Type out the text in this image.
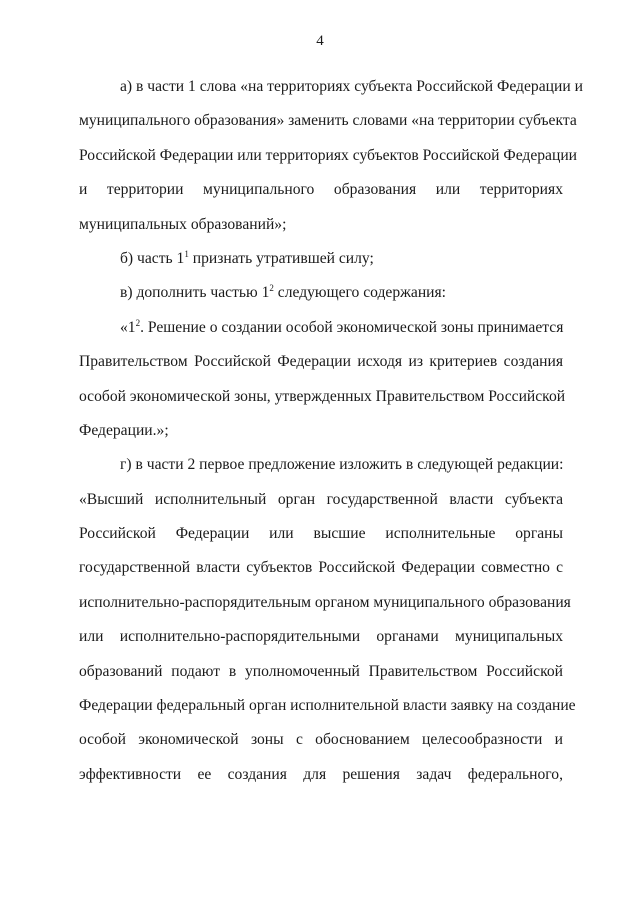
4
а) в части 1 слова «на территориях субъекта Российской Федерации и
муниципального образования» заменить словами «на территории субъекта
Российской Федерации или территориях субъектов Российской Федерации
и территории муниципального образования или территориях
муниципальных образований»;
б) часть $1^1$ признать утратившей силу;
в) дополнить частью $1^2$ следующего содержания:
«$1^2$. Решение о создании особой экономической зоны принимается
Правительством Российской Федерации исходя из критериев создания
особой экономической зоны, утвержденных Правительством Российской
Федерации.»;
г) в части 2 первое предложение изложить в следующей редакции:
«Высший исполнительный орган государственной власти субъекта
Российской Федерации или высшие исполнительные органы
государственной власти субъектов Российской Федерации совместно с
исполнительно-распорядительным органом муниципального образования
или исполнительно-распорядительными органами муниципальных
образований подают в уполномоченный Правительством Российской
Федерации федеральный орган исполнительной власти заявку на создание
особой экономической зоны с обоснованием целесообразности и
эффективности ее создания для решения задач федерального,
